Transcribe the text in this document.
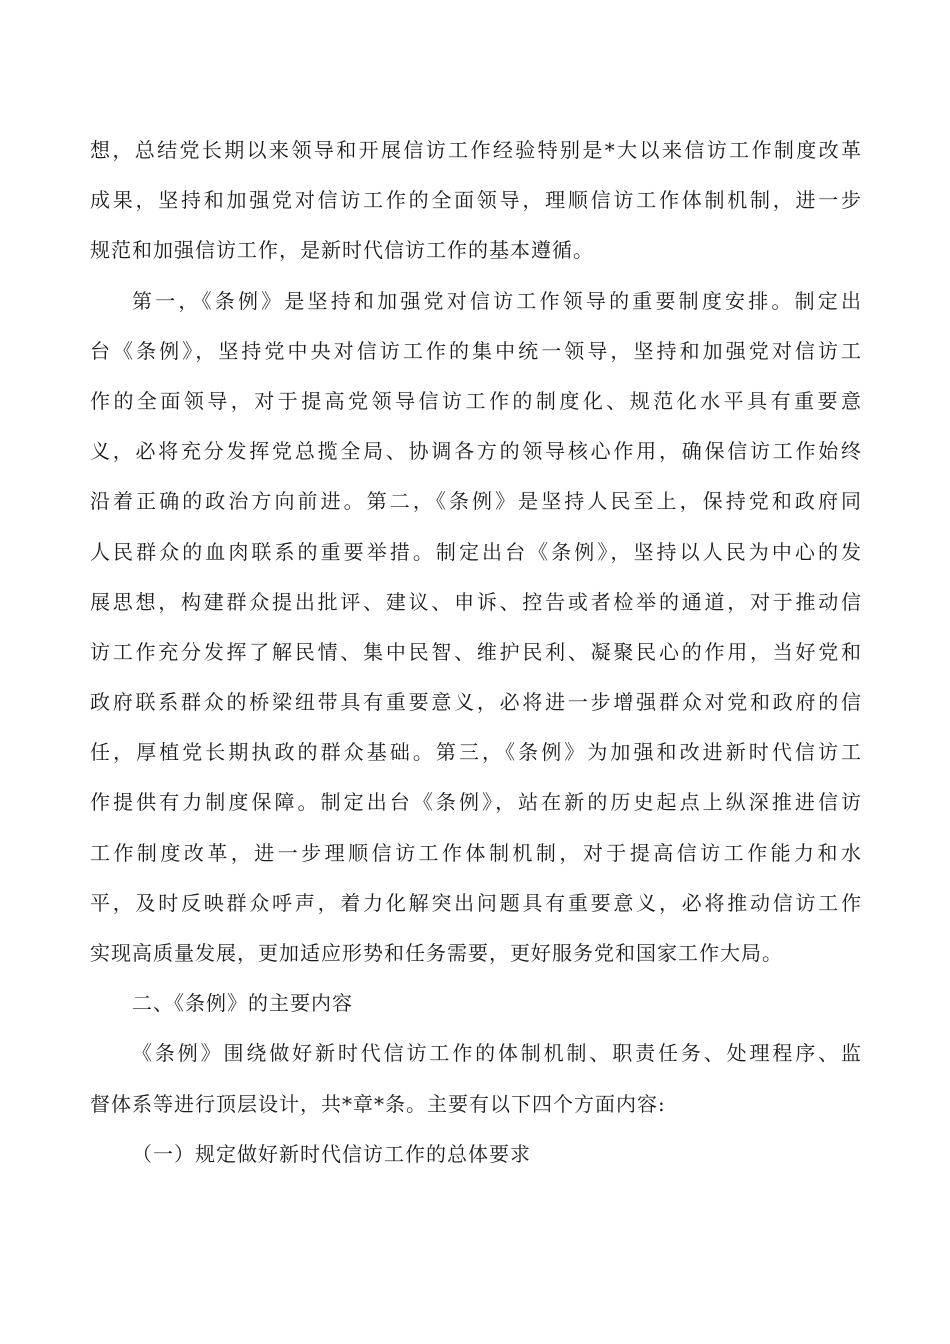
想，总结党长期以来领导和开展信访工作经验特别是*大以来信访工作制度改革
成果，坚持和加强党对信访工作的全面领导，理顺信访工作体制机制，进一步
规范和加强信访工作，是新时代信访工作的基本遵循。
第一，《条例》是坚持和加强党对信访工作领导的重要制度安排。制定出
台《条例》，坚持党中央对信访工作的集中统一领导，坚持和加强党对信访工
作的全面领导，对于提高党领导信访工作的制度化、规范化水平具有重要意
义，必将充分发挥党总揽全局、协调各方的领导核心作用，确保信访工作始终
沿着正确的政治方向前进。第二，《条例》是坚持人民至上，保持党和政府同
人民群众的血肉联系的重要举措。制定出台《条例》，坚持以人民为中心的发
展思想，构建群众提出批评、建议、申诉、控告或者检举的通道，对于推动信
访工作充分发挥了解民情、集中民智、维护民利、凝聚民心的作用，当好党和
政府联系群众的桥梁纽带具有重要意义，必将进一步增强群众对党和政府的信
任，厚植党长期执政的群众基础。第三，《条例》为加强和改进新时代信访工
作提供有力制度保障。制定出台《条例》，站在新的历史起点上纵深推进信访
工作制度改革，进一步理顺信访工作体制机制，对于提高信访工作能力和水
平，及时反映群众呼声，着力化解突出问题具有重要意义，必将推动信访工作
实现高质量发展，更加适应形势和任务需要，更好服务党和国家工作大局。
二、《条例》的主要内容
《条例》围绕做好新时代信访工作的体制机制、职责任务、处理程序、监
督体系等进行顶层设计，共*章*条。主要有以下四个方面内容:
（一）规定做好新时代信访工作的总体要求
